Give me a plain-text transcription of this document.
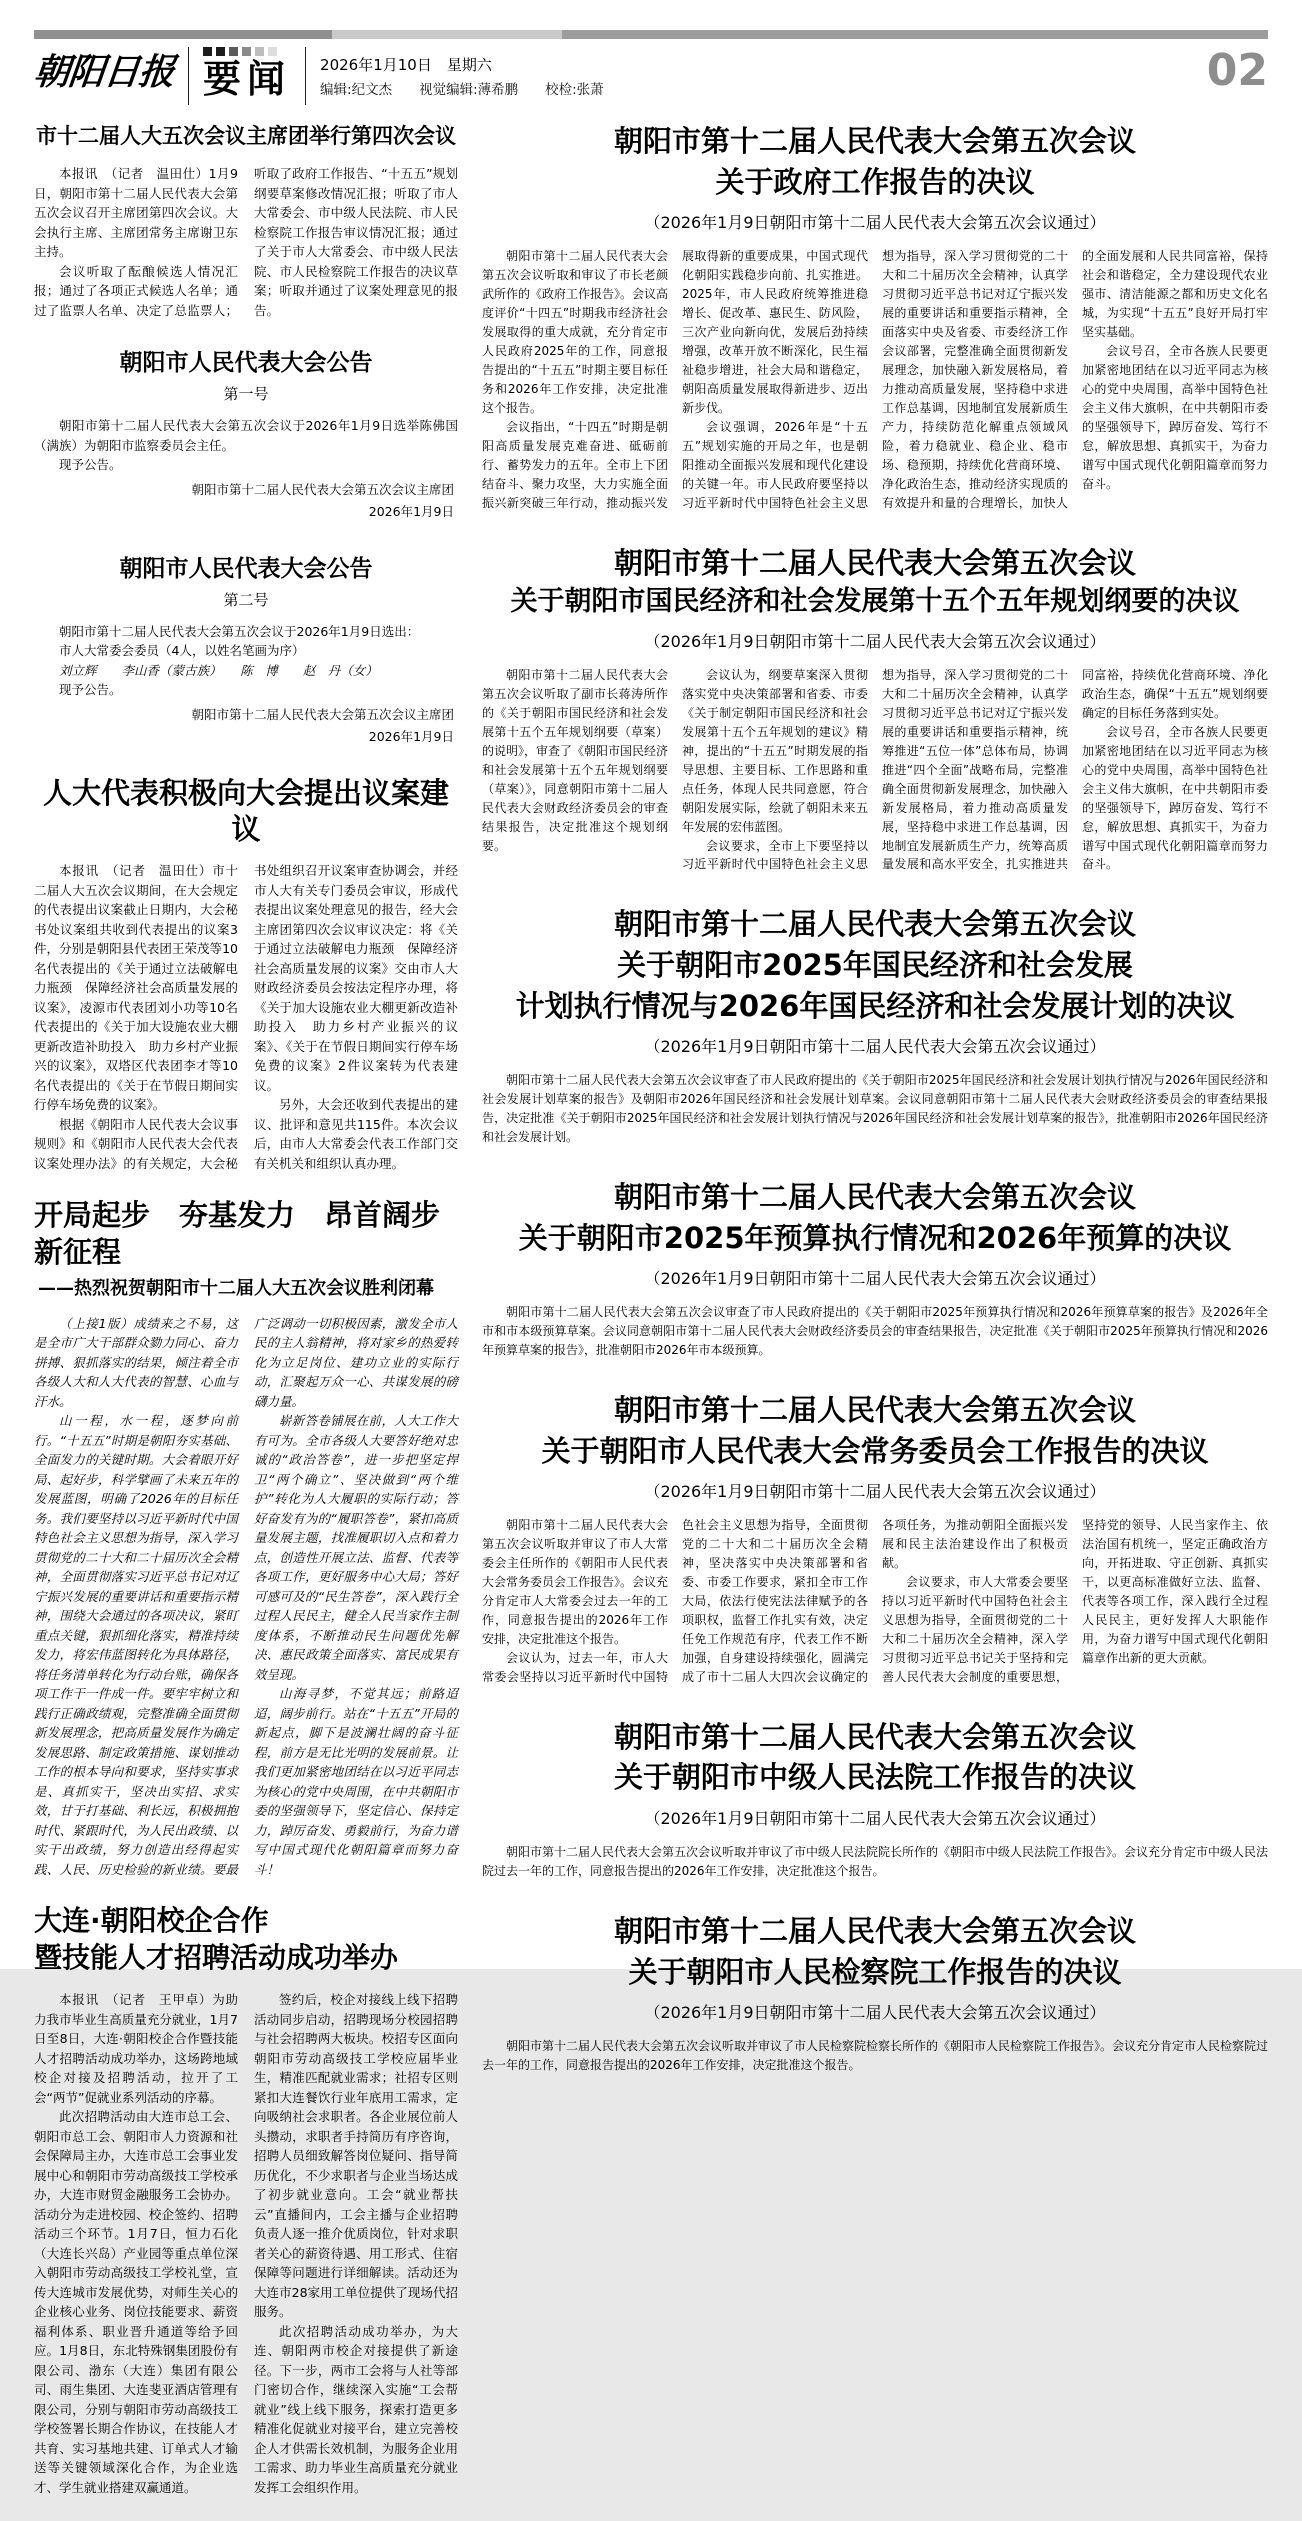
朝阳日报 要闻 2026年1月10日　星期六
编辑:纪文杰　　视觉编辑:薄希鹏　　校检:张萧	02
市十二届人大五次会议主席团举行第四次会议

本报讯　（记者　温田仕）1月9日，朝阳市第十二届人民代表大会第五次会议召开主席团第四次会议。大会执行主席、主席团常务主席谢卫东主持。

会议听取了酝酿候选人情况汇报；通过了各项正式候选人名单；通过了监票人名单、决定了总监票人；听取了政府工作报告、“十五五”规划纲要草案修改情况汇报；听取了市人大常委会、市中级人民法院、市人民检察院工作报告审议情况汇报；通过了关于市人大常委会、市中级人民法院、市人民检察院工作报告的决议草案；听取并通过了议案处理意见的报告。

朝阳市人民代表大会公告
第一号

朝阳市第十二届人民代表大会第五次会议于2026年1月9日选举陈佛国（满族）为朝阳市监察委员会主任。

现予公告。

朝阳市第十二届人民代表大会第五次会议主席团
2026年1月9日
朝阳市人民代表大会公告
第二号

朝阳市第十二届人民代表大会第五次会议于2026年1月9日选出：

市人大常委会委员（4人，以姓名笔画为序）

刘立辉　　李山香（蒙古族）　　陈　博　　赵　丹（女）

现予公告。

朝阳市第十二届人民代表大会第五次会议主席团
2026年1月9日
人大代表积极向大会提出议案建议

本报讯　（记者　温田仕）市十二届人大五次会议期间，在大会规定的代表提出议案截止日期内，大会秘书处议案组共收到代表提出的议案3件，分别是朝阳县代表团王荣茂等10名代表提出的《关于通过立法破解电力瓶颈　保障经济社会高质量发展的议案》，凌源市代表团刘小功等10名代表提出的《关于加大设施农业大棚更新改造补助投入　助力乡村产业振兴的议案》，双塔区代表团李才等10名代表提出的《关于在节假日期间实行停车场免费的议案》。

根据《朝阳市人民代表大会议事规则》和《朝阳市人民代表大会代表议案处理办法》的有关规定，大会秘书处组织召开议案审查协调会，并经市人大有关专门委员会审议，形成代表提出议案处理意见的报告，经大会主席团第四次会议审议决定：将《关于通过立法破解电力瓶颈　保障经济社会高质量发展的议案》交由市人大财政经济委员会按法定程序办理，将《关于加大设施农业大棚更新改造补助投入　助力乡村产业振兴的议案》、《关于在节假日期间实行停车场免费的议案》2件议案转为代表建议。

另外，大会还收到代表提出的建议、批评和意见共115件。本次会议后，由市人大常委会代表工作部门交有关机关和组织认真办理。

开局起步　夯基发力　昂首阔步新征程
——热烈祝贺朝阳市十二届人大五次会议胜利闭幕

（上接1版）成绩来之不易，这是全市广大干部群众勠力同心、奋力拼搏、狠抓落实的结果，倾注着全市各级人大和人大代表的智慧、心血与汗水。

山一程，水一程，逐梦向前行。“十五五”时期是朝阳夯实基础、全面发力的关键时期。大会着眼开好局、起好步，科学擘画了未来五年的发展蓝图，明确了2026年的目标任务。我们要坚持以习近平新时代中国特色社会主义思想为指导，深入学习贯彻党的二十大和二十届历次全会精神，全面贯彻落实习近平总书记对辽宁振兴发展的重要讲话和重要指示精神，围绕大会通过的各项决议，紧盯重点关键，狠抓细化落实，精准持续发力，将宏伟蓝图转化为具体路径，将任务清单转化为行动台账，确保各项工作干一件成一件。要牢牢树立和践行正确政绩观，完整准确全面贯彻新发展理念，把高质量发展作为确定发展思路、制定政策措施、谋划推动工作的根本导向和要求，坚持实事求是、真抓实干，坚决出实招、求实效，甘于打基础、利长远，积极拥抱时代、紧跟时代，为人民出政绩、以实干出政绩，努力创造出经得起实践、人民、历史检验的新业绩。要最广泛调动一切积极因素，激发全市人民的主人翁精神，将对家乡的热爱转化为立足岗位、建功立业的实际行动，汇聚起万众一心、共谋发展的磅礴力量。

崭新答卷铺展在前，人大工作大有可为。全市各级人大要答好绝对忠诚的“政治答卷”，进一步把坚定捍卫“两个确立”、坚决做到“两个维护”转化为人大履职的实际行动；答好奋发有为的“履职答卷”，紧扣高质量发展主题，找准履职切入点和着力点，创造性开展立法、监督、代表等各项工作，更好服务中心大局；答好可感可及的“民生答卷”，深入践行全过程人民民主，健全人民当家作主制度体系，不断推动民生问题优先解决、惠民政策全面落实、富民成果有效呈现。

山海寻梦，不觉其远；前路迢迢，阔步前行。站在“十五五”开局的新起点，脚下是波澜壮阔的奋斗征程，前方是无比光明的发展前景。让我们更加紧密地团结在以习近平同志为核心的党中央周围，在中共朝阳市委的坚强领导下，坚定信心、保持定力，踔厉奋发、勇毅前行，为奋力谱写中国式现代化朝阳篇章而努力奋斗！

大连·朝阳校企合作
暨技能人才招聘活动成功举办

本报讯　（记者　王甲卓）为助力我市毕业生高质量充分就业，1月7日至8日，大连·朝阳校企合作暨技能人才招聘活动成功举办，这场跨地域校企对接及招聘活动，拉开了工会“两节”促就业系列活动的序幕。

此次招聘活动由大连市总工会、朝阳市总工会、朝阳市人力资源和社会保障局主办，大连市总工会事业发展中心和朝阳市劳动高级技工学校承办，大连市财贸金融服务工会协办。活动分为走进校园、校企签约、招聘活动三个环节。1月7日，恒力石化（大连长兴岛）产业园等重点单位深入朝阳市劳动高级技工学校礼堂，宣传大连城市发展优势，对师生关心的企业核心业务、岗位技能要求、薪资福利体系、职业晋升通道等给予回应。1月8日，东北特殊钢集团股份有限公司、渤东（大连）集团有限公司、雨生集团、大连斐亚酒店管理有限公司，分别与朝阳市劳动高级技工学校签署长期合作协议，在技能人才共育、实习基地共建、订单式人才输送等关键领域深化合作，为企业选才、学生就业搭建双赢通道。

签约后，校企对接线上线下招聘活动同步启动，招聘现场分校园招聘与社会招聘两大板块。校招专区面向朝阳市劳动高级技工学校应届毕业生，精准匹配就业需求；社招专区则紧扣大连餐饮行业年底用工需求，定向吸纳社会求职者。各企业展位前人头攒动，求职者手持简历有序咨询，招聘人员细致解答岗位疑问、指导简历优化，不少求职者与企业当场达成了初步就业意向。工会“就业帮扶云”直播间内，工会主播与企业招聘负责人逐一推介优质岗位，针对求职者关心的薪资待遇、用工形式、住宿保障等问题进行详细解读。活动还为大连市28家用工单位提供了现场代招服务。

此次招聘活动成功举办，为大连、朝阳两市校企对接提供了新途径。下一步，两市工会将与人社等部门密切合作，继续深入实施“工会帮就业”线上线下服务，探索打造更多精准化促就业对接平台，建立完善校企人才供需长效机制，为服务企业用工需求、助力毕业生高质量充分就业发挥工会组织作用。

朝阳市第十二届人民代表大会第五次会议
关于政府工作报告的决议
（2026年1月9日朝阳市第十二届人民代表大会第五次会议通过）

朝阳市第十二届人民代表大会第五次会议听取和审议了市长老颜武所作的《政府工作报告》。会议高度评价“十四五”时期我市经济社会发展取得的重大成就，充分肯定市人民政府2025年的工作，同意报告提出的“十五五”时期主要目标任务和2026年工作安排，决定批准这个报告。

会议指出，“十四五”时期是朝阳高质量发展克难奋进、砥砺前行、蓄势发力的五年。全市上下团结奋斗、聚力攻坚，大力实施全面振兴新突破三年行动，推动振兴发展取得新的重要成果，中国式现代化朝阳实践稳步向前、扎实推进。2025年，市人民政府统筹推进稳增长、促改革、惠民生、防风险，三次产业向新向优，发展后劲持续增强，改革开放不断深化，民生福祉稳步增进，社会大局和谐稳定，朝阳高质量发展取得新进步、迈出新步伐。

会议强调，2026年是“十五五”规划实施的开局之年，也是朝阳推动全面振兴发展和现代化建设的关键一年。市人民政府要坚持以习近平新时代中国特色社会主义思想为指导，深入学习贯彻党的二十大和二十届历次全会精神，认真学习贯彻习近平总书记对辽宁振兴发展的重要讲话和重要指示精神，全面落实中央及省委、市委经济工作会议部署，完整准确全面贯彻新发展理念，加快融入新发展格局，着力推动高质量发展，坚持稳中求进工作总基调，因地制宜发展新质生产力，持续防范化解重点领域风险，着力稳就业、稳企业、稳市场、稳预期，持续优化营商环境、净化政治生态，推动经济实现质的有效提升和量的合理增长，加快人的全面发展和人民共同富裕，保持社会和谐稳定，全力建设现代农业强市、清洁能源之都和历史文化名城，为实现“十五五”良好开局打牢坚实基础。

会议号召，全市各族人民要更加紧密地团结在以习近平同志为核心的党中央周围，高举中国特色社会主义伟大旗帜，在中共朝阳市委的坚强领导下，踔厉奋发、笃行不怠，解放思想、真抓实干，为奋力谱写中国式现代化朝阳篇章而努力奋斗。

朝阳市第十二届人民代表大会第五次会议
关于朝阳市国民经济和社会发展第十五个五年规划纲要的决议
（2026年1月9日朝阳市第十二届人民代表大会第五次会议通过）

朝阳市第十二届人民代表大会第五次会议听取了副市长蒋涛所作的《关于朝阳市国民经济和社会发展第十五个五年规划纲要（草案）的说明》，审查了《朝阳市国民经济和社会发展第十五个五年规划纲要（草案）》，同意朝阳市第十二届人民代表大会财政经济委员会的审查结果报告，决定批准这个规划纲要。

会议认为，纲要草案深入贯彻落实党中央决策部署和省委、市委《关于制定朝阳市国民经济和社会发展第十五个五年规划的建议》精神，提出的“十五五”时期发展的指导思想、主要目标、工作思路和重点任务，体现人民共同意愿，符合朝阳发展实际，绘就了朝阳未来五年发展的宏伟蓝图。

会议要求，全市上下要坚持以习近平新时代中国特色社会主义思想为指导，深入学习贯彻党的二十大和二十届历次全会精神，认真学习贯彻习近平总书记对辽宁振兴发展的重要讲话和重要指示精神，统筹推进“五位一体”总体布局，协调推进“四个全面”战略布局，完整准确全面贯彻新发展理念，加快融入新发展格局，着力推动高质量发展，坚持稳中求进工作总基调，因地制宜发展新质生产力，统筹高质量发展和高水平安全，扎实推进共同富裕，持续优化营商环境、净化政治生态，确保“十五五”规划纲要确定的目标任务落到实处。

会议号召，全市各族人民要更加紧密地团结在以习近平同志为核心的党中央周围，高举中国特色社会主义伟大旗帜，在中共朝阳市委的坚强领导下，踔厉奋发、笃行不怠，解放思想、真抓实干，为奋力谱写中国式现代化朝阳篇章而努力奋斗。

朝阳市第十二届人民代表大会第五次会议
关于朝阳市2025年国民经济和社会发展
计划执行情况与2026年国民经济和社会发展计划的决议
（2026年1月9日朝阳市第十二届人民代表大会第五次会议通过）

朝阳市第十二届人民代表大会第五次会议审查了市人民政府提出的《关于朝阳市2025年国民经济和社会发展计划执行情况与2026年国民经济和社会发展计划草案的报告》及朝阳市2026年国民经济和社会发展计划草案。会议同意朝阳市第十二届人民代表大会财政经济委员会的审查结果报告，决定批准《关于朝阳市2025年国民经济和社会发展计划执行情况与2026年国民经济和社会发展计划草案的报告》，批准朝阳市2026年国民经济和社会发展计划。

朝阳市第十二届人民代表大会第五次会议
关于朝阳市2025年预算执行情况和2026年预算的决议
（2026年1月9日朝阳市第十二届人民代表大会第五次会议通过）

朝阳市第十二届人民代表大会第五次会议审查了市人民政府提出的《关于朝阳市2025年预算执行情况和2026年预算草案的报告》及2026年全市和市本级预算草案。会议同意朝阳市第十二届人民代表大会财政经济委员会的审查结果报告，决定批准《关于朝阳市2025年预算执行情况和2026年预算草案的报告》，批准朝阳市2026年市本级预算。

朝阳市第十二届人民代表大会第五次会议
关于朝阳市人民代表大会常务委员会工作报告的决议
（2026年1月9日朝阳市第十二届人民代表大会第五次会议通过）

朝阳市第十二届人民代表大会第五次会议听取并审议了市人大常委会主任所作的《朝阳市人民代表大会常务委员会工作报告》。会议充分肯定市人大常委会过去一年的工作，同意报告提出的2026年工作安排，决定批准这个报告。

会议认为，过去一年，市人大常委会坚持以习近平新时代中国特色社会主义思想为指导，全面贯彻党的二十大和二十届历次全会精神，坚决落实中央决策部署和省委、市委工作要求，紧扣全市工作大局，依法行使宪法法律赋予的各项职权，监督工作扎实有效，决定任免工作规范有序，代表工作不断加强，自身建设持续强化，圆满完成了市十二届人大四次会议确定的各项任务，为推动朝阳全面振兴发展和民主法治建设作出了积极贡献。

会议要求，市人大常委会要坚持以习近平新时代中国特色社会主义思想为指导，全面贯彻党的二十大和二十届历次全会精神，深入学习贯彻习近平总书记关于坚持和完善人民代表大会制度的重要思想，坚持党的领导、人民当家作主、依法治国有机统一，坚定正确政治方向，开拓进取、守正创新、真抓实干，以更高标准做好立法、监督、代表等各项工作，深入践行全过程人民民主，更好发挥人大职能作用，为奋力谱写中国式现代化朝阳篇章作出新的更大贡献。

朝阳市第十二届人民代表大会第五次会议
关于朝阳市中级人民法院工作报告的决议
（2026年1月9日朝阳市第十二届人民代表大会第五次会议通过）

朝阳市第十二届人民代表大会第五次会议听取并审议了市中级人民法院院长所作的《朝阳市中级人民法院工作报告》。会议充分肯定市中级人民法院过去一年的工作，同意报告提出的2026年工作安排，决定批准这个报告。

朝阳市第十二届人民代表大会第五次会议
关于朝阳市人民检察院工作报告的决议
（2026年1月9日朝阳市第十二届人民代表大会第五次会议通过）

朝阳市第十二届人民代表大会第五次会议听取并审议了市人民检察院检察长所作的《朝阳市人民检察院工作报告》。会议充分肯定市人民检察院过去一年的工作，同意报告提出的2026年工作安排，决定批准这个报告。
